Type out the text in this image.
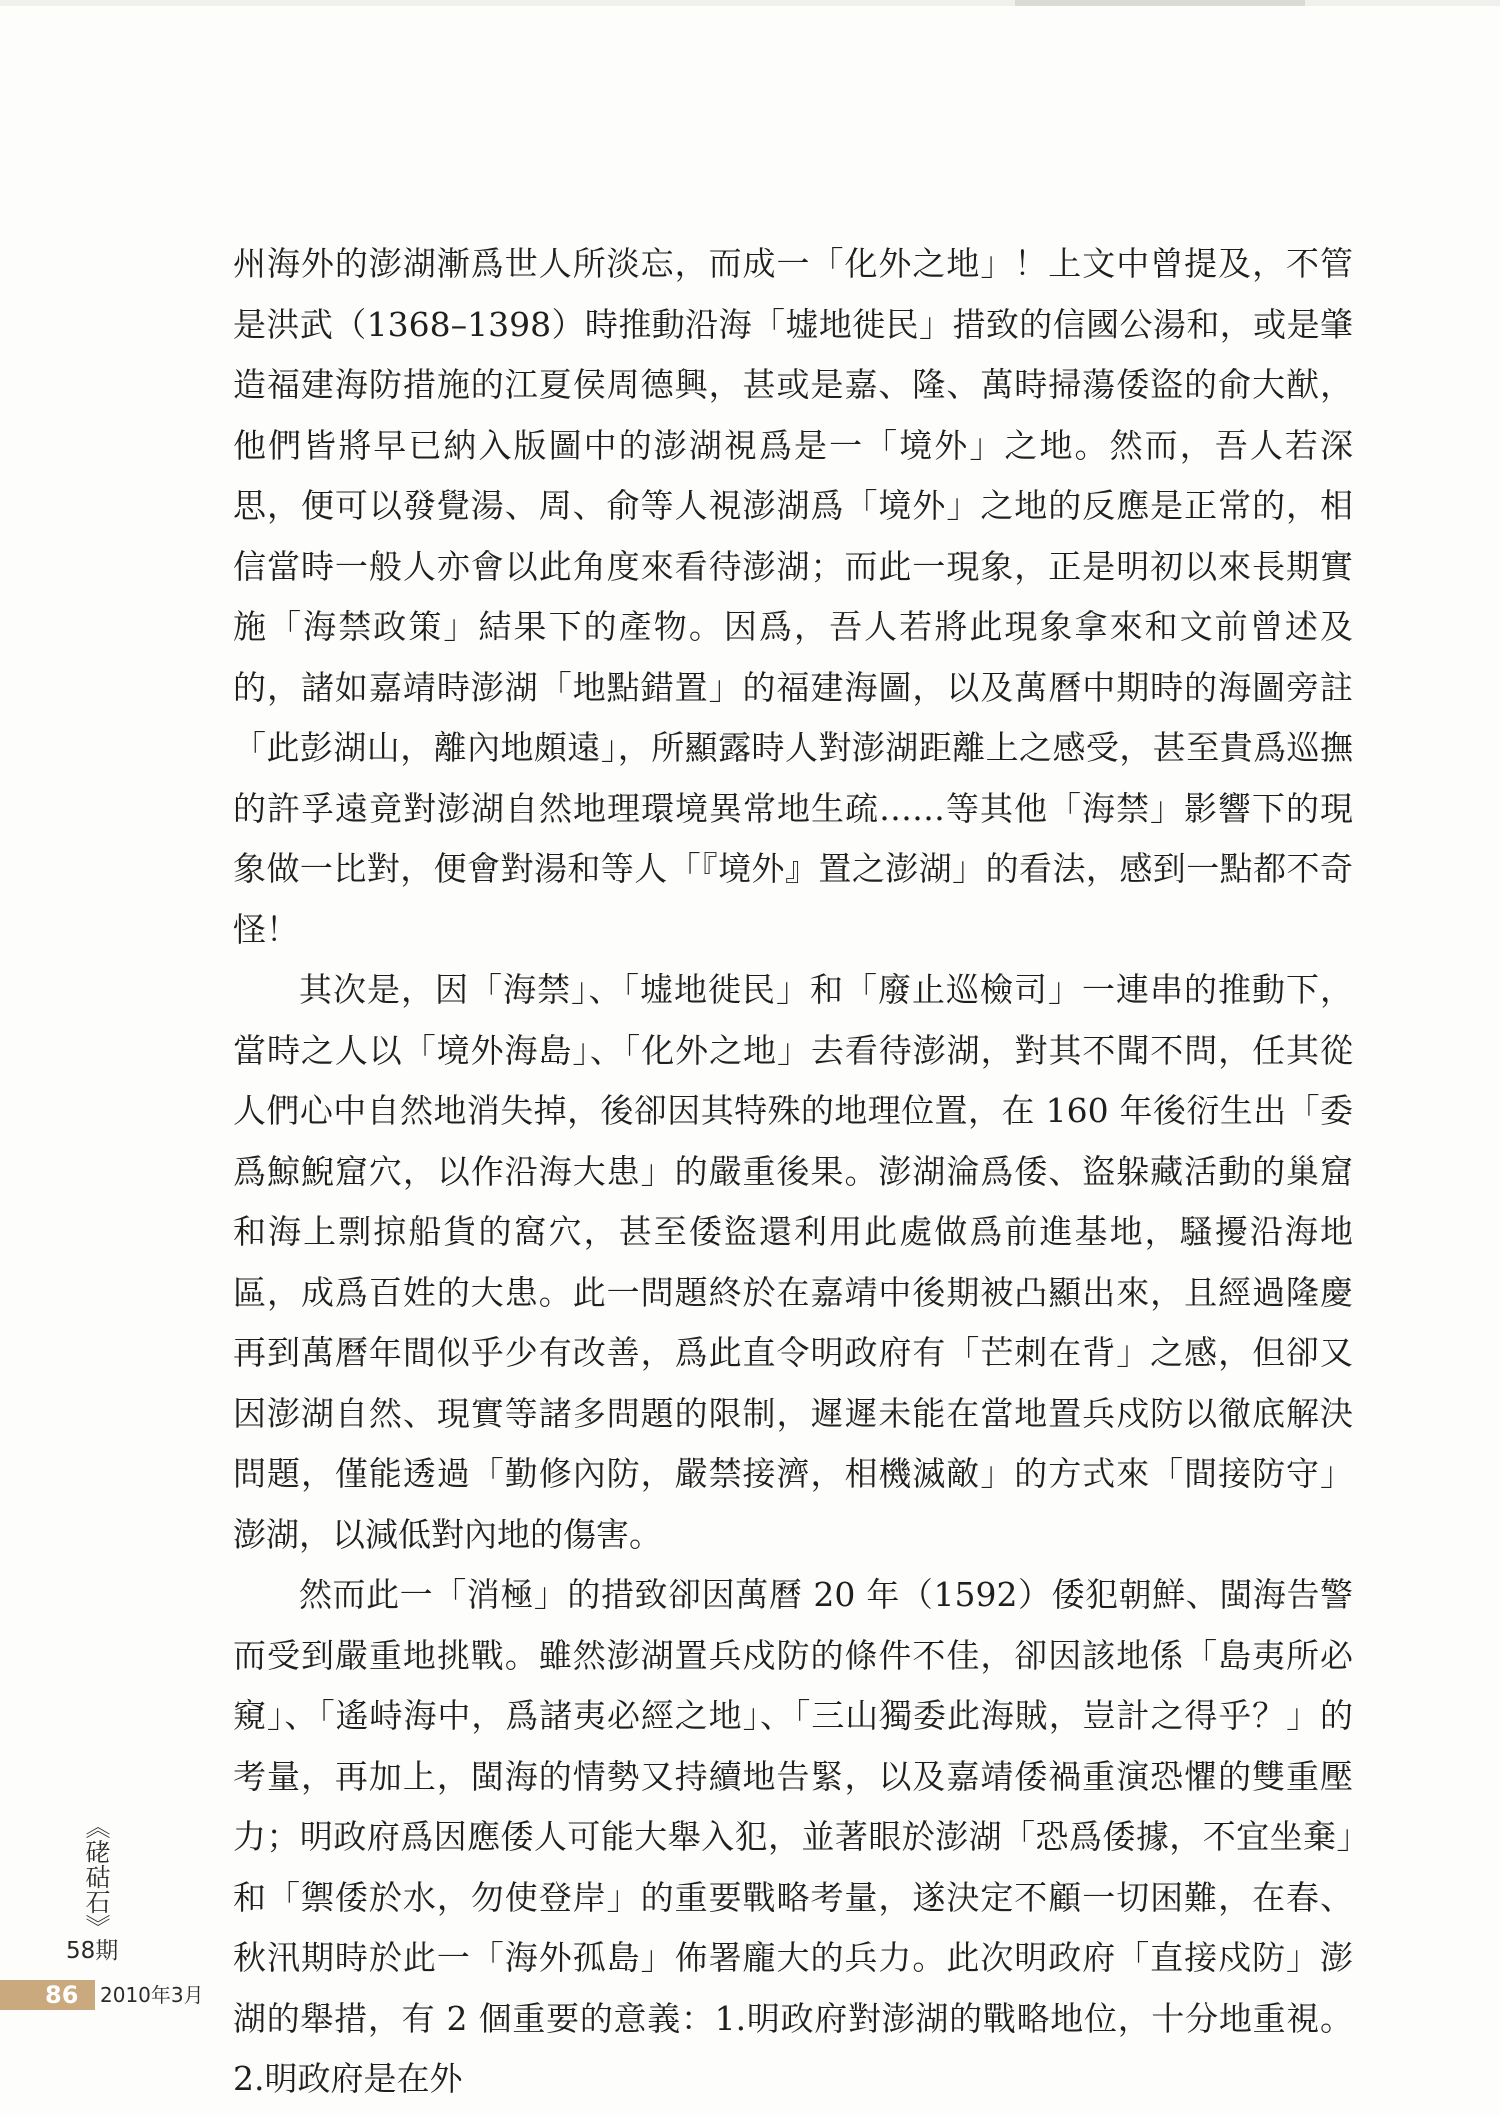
州海外的澎湖漸爲世人所淡忘，而成一「化外之地」！上文中曾提及，不管是洪武（1368–1398）時推動沿海「墟地徙民」措致的信國公湯和，或是肇造福建海防措施的江夏侯周德興，甚或是嘉、隆、萬時掃蕩倭盜的俞大猷，他們皆將早已納入版圖中的澎湖視爲是一「境外」之地。然而，吾人若深思，便可以發覺湯、周、俞等人視澎湖爲「境外」之地的反應是正常的，相信當時一般人亦會以此角度來看待澎湖；而此一現象，正是明初以來長期實施「海禁政策」結果下的產物。因爲，吾人若將此現象拿來和文前曾述及的，諸如嘉靖時澎湖「地點錯置」的福建海圖，以及萬曆中期時的海圖旁註「此彭湖山，離內地頗遠」，所顯露時人對澎湖距離上之感受，甚至貴爲巡撫的許孚遠竟對澎湖自然地理環境異常地生疏……等其他「海禁」影響下的現象做一比對，便會對湯和等人「『境外』置之澎湖」的看法，感到一點都不奇怪！

其次是，因「海禁」、「墟地徙民」和「廢止巡檢司」一連串的推動下，當時之人以「境外海島」、「化外之地」去看待澎湖，對其不聞不問，任其從人們心中自然地消失掉，後卻因其特殊的地理位置，在 160 年後衍生出「委爲鯨鯢窟穴，以作沿海大患」的嚴重後果。澎湖淪爲倭、盜躲藏活動的巢窟和海上剽掠船貨的窩穴，甚至倭盜還利用此處做爲前進基地，騷擾沿海地區，成爲百姓的大患。此一問題終於在嘉靖中後期被凸顯出來，且經過隆慶再到萬曆年間似乎少有改善，爲此直令明政府有「芒刺在背」之感，但卻又因澎湖自然、現實等諸多問題的限制，遲遲未能在當地置兵戍防以徹底解決問題，僅能透過「勤修內防，嚴禁接濟，相機滅敵」的方式來「間接防守」澎湖，以減低對內地的傷害。

然而此一「消極」的措致卻因萬曆 20 年（1592）倭犯朝鮮、閩海告警而受到嚴重地挑戰。雖然澎湖置兵戍防的條件不佳，卻因該地係「島夷所必窺」、「遙峙海中，爲諸夷必經之地」、「三山獨委此海賊，豈計之得乎？」的考量，再加上，閩海的情勢又持續地告緊，以及嘉靖倭禍重演恐懼的雙重壓力；明政府爲因應倭人可能大舉入犯，並著眼於澎湖「恐爲倭據，不宜坐棄」和「禦倭於水，勿使登岸」的重要戰略考量，遂決定不顧一切困難，在春、秋汛期時於此一「海外孤島」佈署龐大的兵力。此次明政府「直接戍防」澎湖的舉措，有 2 個重要的意義：1.明政府對澎湖的戰略地位，十分地重視。2.明政府是在外

《硓𥑮石》
58期
86 2010年3月
